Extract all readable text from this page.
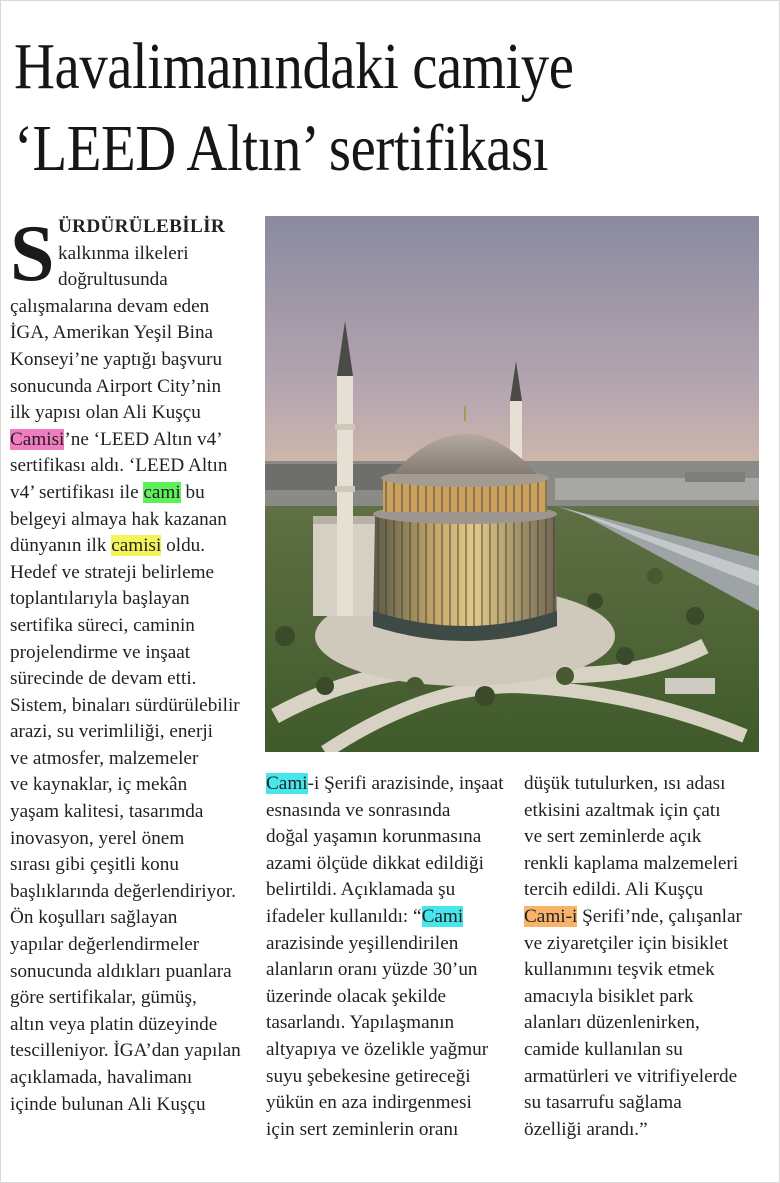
Havalimanındaki camiye
‘LEED Altın’ sertifikası
S ÜRDÜRÜLEBİLİR
kalkınma ilkeleri
doğrultusunda
çalışmalarına devam eden
İGA, Amerikan Yeşil Bina
Konseyi’ne yaptığı başvuru
sonucunda Airport City’nin
ilk yapısı olan Ali Kuşçu
Camisi’ne ‘LEED Altın v4’
sertifikası aldı. ‘LEED Altın
v4’ sertifikası ile cami bu
belgeyi almaya hak kazanan
dünyanın ilk camisi oldu.
Hedef ve strateji belirleme
toplantılarıyla başlayan
sertifika süreci, caminin
projelendirme ve inşaat
sürecinde de devam etti.
Sistem, binaları sürdürülebilir
arazi, su verimliliği, enerji
ve atmosfer, malzemeler
ve kaynaklar, iç mekân
yaşam kalitesi, tasarımda
inovasyon, yerel önem
sırası gibi çeşitli konu
başlıklarında değerlendiriyor.
Ön koşulları sağlayan
yapılar değerlendirmeler
sonucunda aldıkları puanlara
göre sertifikalar, gümüş,
altın veya platin düzeyinde
tescilleniyor. İGA’dan yapılan
açıklamada, havalimanı
içinde bulunan Ali Kuşçu
Cami-i Şerifi arazisinde, inşaat
esnasında ve sonrasında
doğal yaşamın korunmasına
azami ölçüde dikkat edildiği
belirtildi. Açıklamada şu
ifadeler kullanıldı: “Cami
arazisinde yeşillendirilen
alanların oranı yüzde 30’un
üzerinde olacak şekilde
tasarlandı. Yapılaşmanın
altyapıya ve özelikle yağmur
suyu şebekesine getireceği
yükün en aza indirgenmesi
için sert zeminlerin oranı
düşük tutulurken, ısı adası
etkisini azaltmak için çatı
ve sert zeminlerde açık
renkli kaplama malzemeleri
tercih edildi. Ali Kuşçu
Cami-i Şerifi’nde, çalışanlar
ve ziyaretçiler için bisiklet
kullanımını teşvik etmek
amacıyla bisiklet park
alanları düzenlenirken,
camide kullanılan su
armatürleri ve vitrifiyelerde
su tasarrufu sağlama
özelliği arandı.”
